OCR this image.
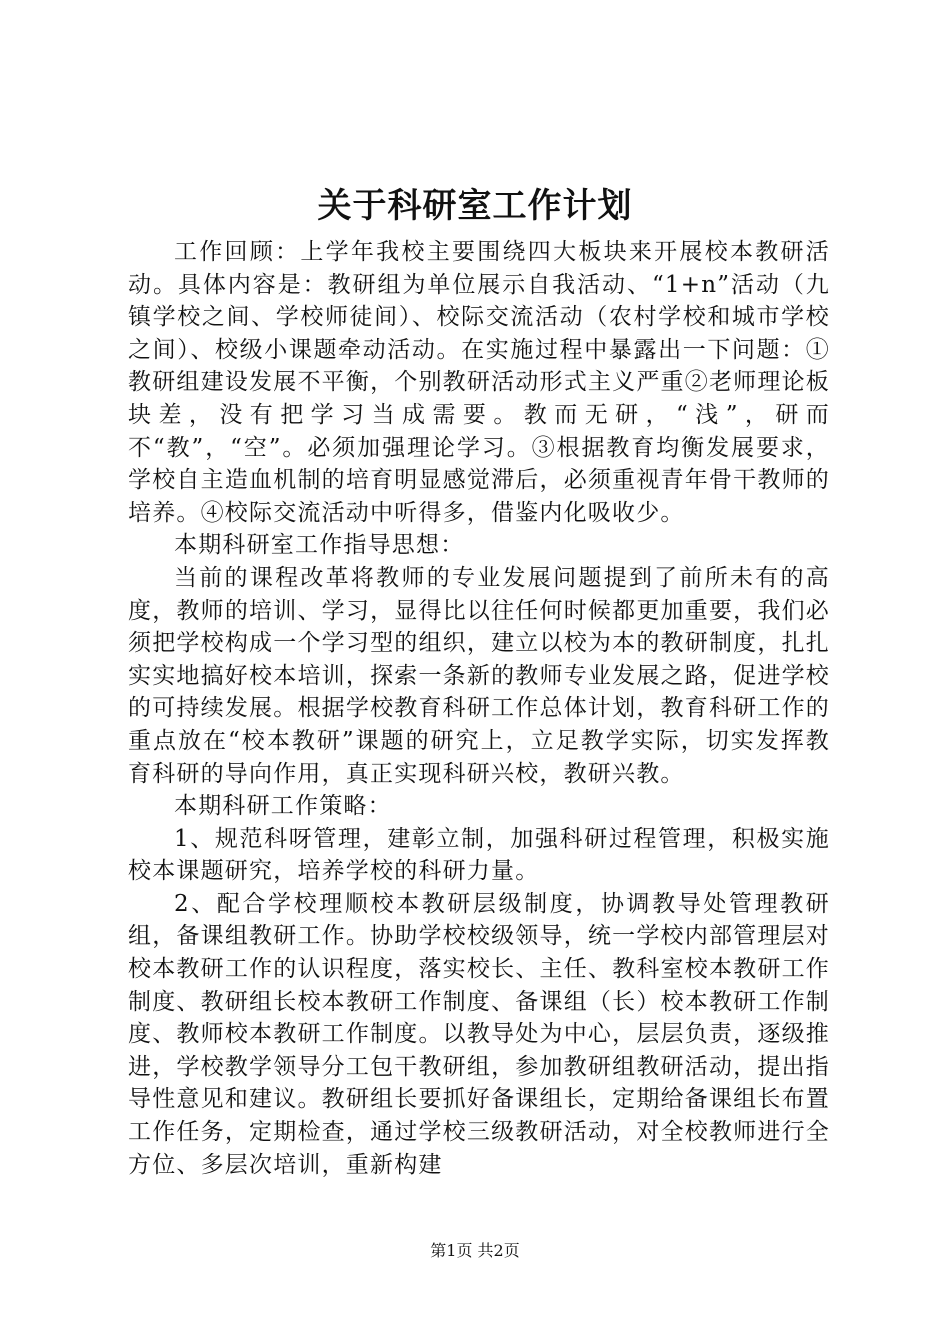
关于科研室工作计划

工作回顾：上学年我校主要围绕四大板块来开展校本教研活动。具体内容是：教研组为单位展示自我活动、“1+n”活动（九镇学校之间、学校师徒间）、校际交流活动（农村学校和城市学校之间）、校级小课题牵动活动。在实施过程中暴露出一下问题：①教研组建设发展不平衡，个别教研活动形式主义严重②老师理论板块差，没有把学习当成需要。教而无研，“浅”，研而不“教”，“空”。必须加强理论学习。③根据教育均衡发展要求，学校自主造血机制的培育明显感觉滞后，必须重视青年骨干教师的培养。④校际交流活动中听得多，借鉴内化吸收少。

本期科研室工作指导思想：

当前的课程改革将教师的专业发展问题提到了前所未有的高度，教师的培训、学习，显得比以往任何时候都更加重要，我们必须把学校构成一个学习型的组织，建立以校为本的教研制度，扎扎实实地搞好校本培训，探索一条新的教师专业发展之路，促进学校的可持续发展。根据学校教育科研工作总体计划，教育科研工作的重点放在“校本教研”课题的研究上，立足教学实际，切实发挥教育科研的导向作用，真正实现科研兴校，教研兴教。

本期科研工作策略：

1、规范科呀管理，建彰立制，加强科研过程管理，积极实施校本课题研究，培养学校的科研力量。

2、配合学校理顺校本教研层级制度，协调教导处管理教研组，备课组教研工作。协助学校校级领导，统一学校内部管理层对校本教研工作的认识程度，落实校长、主任、教科室校本教研工作制度、教研组长校本教研工作制度、备课组（长）校本教研工作制度、教师校本教研工作制度。以教导处为中心，层层负责，逐级推进，学校教学领导分工包干教研组，参加教研组教研活动，提出指导性意见和建议。教研组长要抓好备课组长，定期给备课组长布置工作任务，定期检查，通过学校三级教研活动，对全校教师进行全方位、多层次培训，重新构建

第1页 共2页
